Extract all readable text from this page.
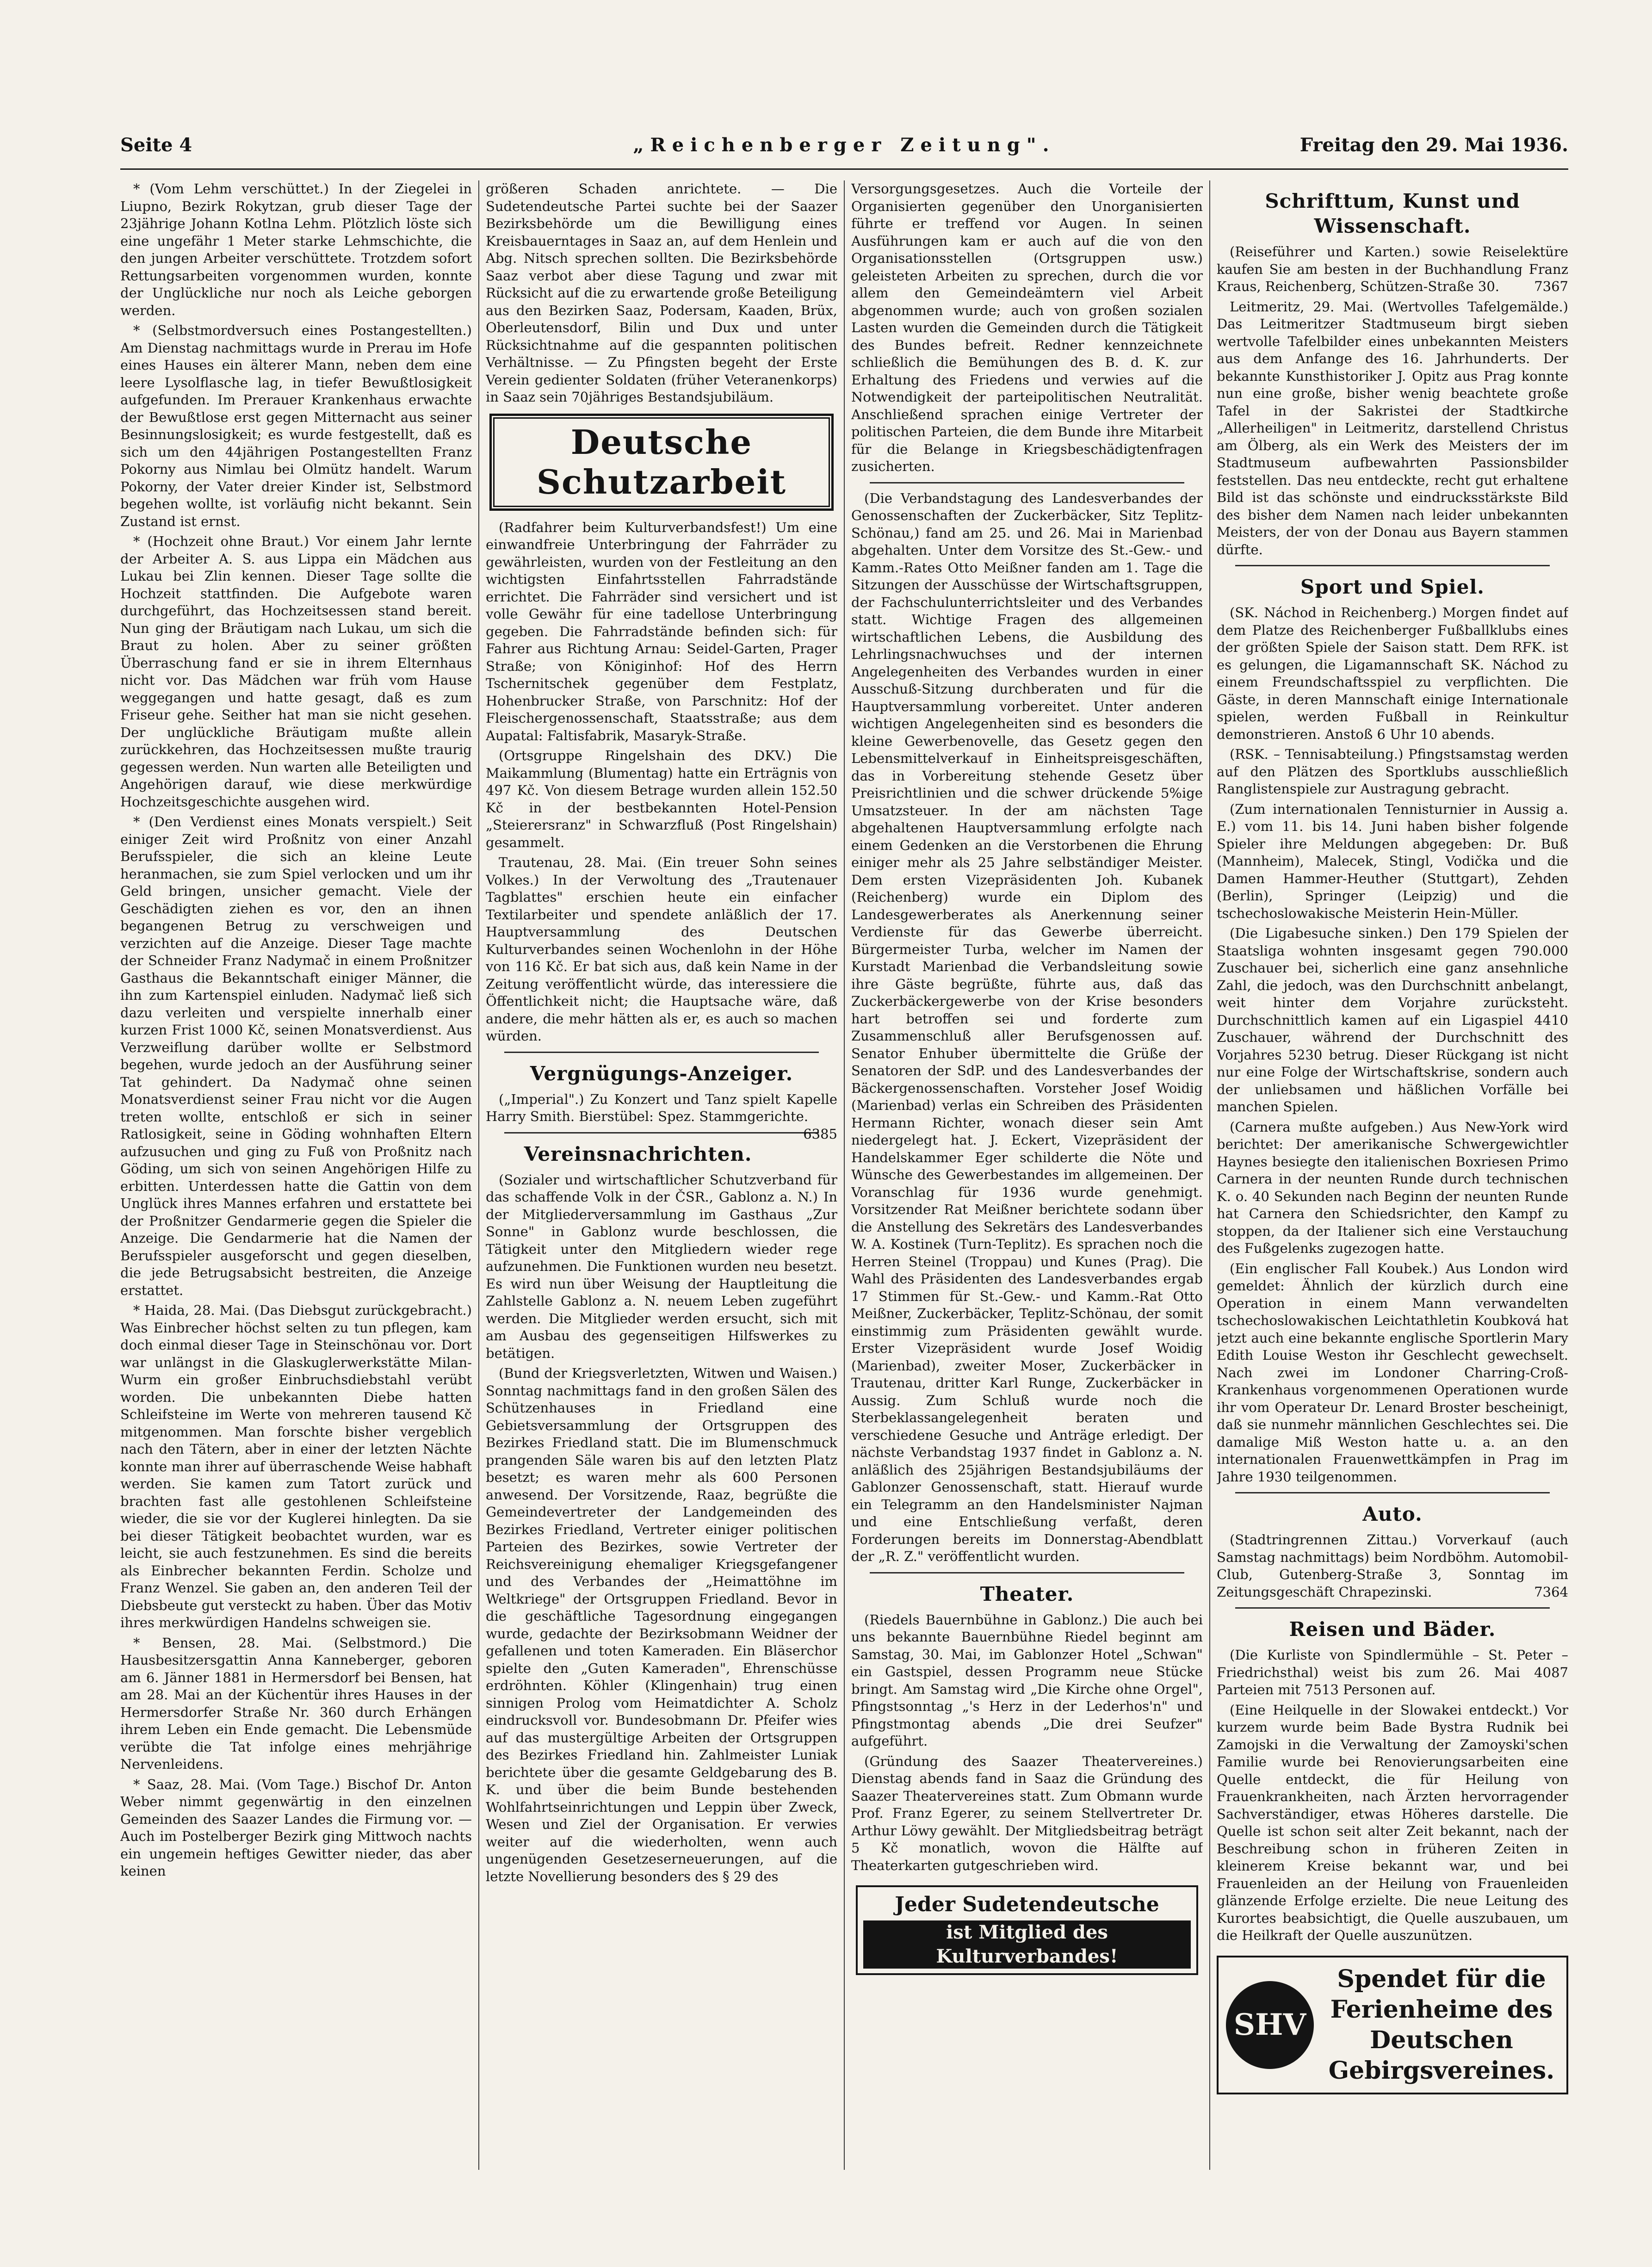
Seite 4	„Reichenberger Zeitung".	Freitag den 29. Mai 1936.

* (Vom Lehm verschüttet.) In der Ziegelei in Liupno, Bezirk Rokytzan, grub dieser Tage der 23jährige Johann Kotlna Lehm. Plötzlich löste sich eine ungefähr 1 Meter starke Lehmschichte, die den jungen Arbeiter verschüttete. Trotzdem sofort Rettungsarbeiten vorgenommen wurden, konnte der Unglückliche nur noch als Leiche geborgen werden.

* (Selbstmordversuch eines Postangestellten.) Am Dienstag nachmittags wurde in Prerau im Hofe eines Hauses ein älterer Mann, neben dem eine leere Lysolflasche lag, in tiefer Bewußtlosigkeit aufgefunden. Im Prerauer Krankenhaus erwachte der Bewußtlose erst gegen Mitternacht aus seiner Besinnungslosigkeit; es wurde festgestellt, daß es sich um den 44jährigen Postangestellten Franz Pokorny aus Nimlau bei Olmütz handelt. Warum Pokorny, der Vater dreier Kinder ist, Selbstmord begehen wollte, ist vorläufig nicht bekannt. Sein Zustand ist ernst.

* (Hochzeit ohne Braut.) Vor einem Jahr lernte der Arbeiter A. S. aus Lippa ein Mädchen aus Lukau bei Zlin kennen. Dieser Tage sollte die Hochzeit stattfinden. Die Aufgebote waren durchgeführt, das Hochzeitsessen stand bereit. Nun ging der Bräutigam nach Lukau, um sich die Braut zu holen. Aber zu seiner größten Überraschung fand er sie in ihrem Elternhaus nicht vor. Das Mädchen war früh vom Hause weggegangen und hatte gesagt, daß es zum Friseur gehe. Seither hat man sie nicht gesehen. Der unglückliche Bräutigam mußte allein zurückkehren, das Hochzeitsessen mußte traurig gegessen werden. Nun warten alle Beteiligten und Angehörigen darauf, wie diese merkwürdige Hochzeitsgeschichte ausgehen wird.

* (Den Verdienst eines Monats verspielt.) Seit einiger Zeit wird Proßnitz von einer Anzahl Berufsspieler, die sich an kleine Leute heranmachen, sie zum Spiel verlocken und um ihr Geld bringen, unsicher gemacht. Viele der Geschädigten ziehen es vor, den an ihnen begangenen Betrug zu verschweigen und verzichten auf die Anzeige. Dieser Tage machte der Schneider Franz Nadymač in einem Proßnitzer Gasthaus die Bekanntschaft einiger Männer, die ihn zum Kartenspiel einluden. Nadymač ließ sich dazu verleiten und verspielte innerhalb einer kurzen Frist 1000 Kč, seinen Monatsverdienst. Aus Verzweiflung darüber wollte er Selbstmord begehen, wurde jedoch an der Ausführung seiner Tat gehindert. Da Nadymač ohne seinen Monatsverdienst seiner Frau nicht vor die Augen treten wollte, entschloß er sich in seiner Ratlosigkeit, seine in Göding wohnhaften Eltern aufzusuchen und ging zu Fuß von Proßnitz nach Göding, um sich von seinen Angehörigen Hilfe zu erbitten. Unterdessen hatte die Gattin von dem Unglück ihres Mannes erfahren und erstattete bei der Proßnitzer Gendarmerie gegen die Spieler die Anzeige. Die Gendarmerie hat die Namen der Berufsspieler ausgeforscht und gegen dieselben, die jede Betrugsabsicht bestreiten, die Anzeige erstattet.

* Haida, 28. Mai. (Das Diebsgut zurückgebracht.) Was Einbrecher höchst selten zu tun pflegen, kam doch einmal dieser Tage in Steinschönau vor. Dort war unlängst in die Glaskuglerwerkstätte Milan-Wurm ein großer Einbruchsdiebstahl verübt worden. Die unbekannten Diebe hatten Schleifsteine im Werte von mehreren tausend Kč mitgenommen. Man forschte bisher vergeblich nach den Tätern, aber in einer der letzten Nächte konnte man ihrer auf überraschende Weise habhaft werden. Sie kamen zum Tatort zurück und brachten fast alle gestohlenen Schleifsteine wieder, die sie vor der Kuglerei hinlegten. Da sie bei dieser Tätigkeit beobachtet wurden, war es leicht, sie auch festzunehmen. Es sind die bereits als Einbrecher bekannten Ferdin. Scholze und Franz Wenzel. Sie gaben an, den anderen Teil der Diebsbeute gut versteckt zu haben. Über das Motiv ihres merkwürdigen Handelns schweigen sie.

* Bensen, 28. Mai. (Selbstmord.) Die Hausbesitzersgattin Anna Kanneberger, geboren am 6. Jänner 1881 in Hermersdorf bei Bensen, hat am 28. Mai an der Küchentür ihres Hauses in der Hermersdorfer Straße Nr. 360 durch Erhängen ihrem Leben ein Ende gemacht. Die Lebensmüde verübte die Tat infolge eines mehrjährige Nervenleidens.

* Saaz, 28. Mai. (Vom Tage.) Bischof Dr. Anton Weber nimmt gegenwärtig in den einzelnen Gemeinden des Saazer Landes die Firmung vor. — Auch im Postelberger Bezirk ging Mittwoch nachts ein ungemein heftiges Gewitter nieder, das aber keinen

größeren Schaden anrichtete. — Die Sudetendeutsche Partei suchte bei der Saazer Bezirksbehörde um die Bewilligung eines Kreisbauerntages in Saaz an, auf dem Henlein und Abg. Nitsch sprechen sollten. Die Bezirksbehörde Saaz verbot aber diese Tagung und zwar mit Rücksicht auf die zu erwartende große Beteiligung aus den Bezirken Saaz, Podersam, Kaaden, Brüx, Oberleutensdorf, Bilin und Dux und unter Rücksichtnahme auf die gespannten politischen Verhältnisse. — Zu Pfingsten begeht der Erste Verein gedienter Soldaten (früher Veteranenkorps) in Saaz sein 70jähriges Bestandsjubiläum.

Deutsche Schutzarbeit

(Radfahrer beim Kulturverbandsfest!) Um eine einwandfreie Unterbringung der Fahrräder zu gewährleisten, wurden von der Festleitung an den wichtigsten Einfahrtsstellen Fahrradstände errichtet. Die Fahrräder sind versichert und ist volle Gewähr für eine tadellose Unterbringung gegeben. Die Fahrradstände befinden sich: für Fahrer aus Richtung Arnau: Seidel-Garten, Prager Straße; von Königinhof: Hof des Herrn Tschernitschek gegenüber dem Festplatz, Hohenbrucker Straße, von Parschnitz: Hof der Fleischergenossenschaft, Staatsstraße; aus dem Aupatal: Faltisfabrik, Masaryk-Straße.

(Ortsgruppe Ringelshain des DKV.) Die Maikammlung (Blumentag) hatte ein Erträgnis von 497 Kč. Von diesem Betrage wurden allein 152.50 Kč in der bestbekannten Hotel-Pension „Steierersranz" in Schwarzfluß (Post Ringelshain) gesammelt.

Trautenau, 28. Mai. (Ein treuer Sohn seines Volkes.) In der Verwoltung des „Trautenauer Tagblattes" erschien heute ein einfacher Textilarbeiter und spendete anläßlich der 17. Hauptversammlung des Deutschen Kulturverbandes seinen Wochenlohn in der Höhe von 116 Kč. Er bat sich aus, daß kein Name in der Zeitung veröffentlicht würde, das interessiere die Öffentlichkeit nicht; die Hauptsache wäre, daß andere, die mehr hätten als er, es auch so machen würden.

Vergnügungs-Anzeiger.

(„Imperial".) Zu Konzert und Tanz spielt Kapelle Harry Smith. Bierstübel: Spez. Stammgerichte.
6385

Vereinsnachrichten.

(Sozialer und wirtschaftlicher Schutzverband für das schaffende Volk in der ČSR., Gablonz a. N.) In der Mitgliederversammlung im Gasthaus „Zur Sonne" in Gablonz wurde beschlossen, die Tätigkeit unter den Mitgliedern wieder rege aufzunehmen. Die Funktionen wurden neu besetzt. Es wird nun über Weisung der Hauptleitung die Zahlstelle Gablonz a. N. neuem Leben zugeführt werden. Die Mitglieder werden ersucht, sich mit am Ausbau des gegenseitigen Hilfswerkes zu betätigen.

(Bund der Kriegsverletzten, Witwen und Waisen.) Sonntag nachmittags fand in den großen Sälen des Schützenhauses in Friedland eine Gebietsversammlung der Ortsgruppen des Bezirkes Friedland statt. Die im Blumenschmuck prangenden Säle waren bis auf den letzten Platz besetzt; es waren mehr als 600 Personen anwesend. Der Vorsitzende, Raaz, begrüßte die Gemeindevertreter der Landgemeinden des Bezirkes Friedland, Vertreter einiger politischen Parteien des Bezirkes, sowie Vertreter der Reichsvereinigung ehemaliger Kriegsgefangener und des Verbandes der „Heimattöhne im Weltkriege" der Ortsgruppen Friedland. Bevor in die geschäftliche Tagesordnung eingegangen wurde, gedachte der Bezirksobmann Weidner der gefallenen und toten Kameraden. Ein Bläserchor spielte den „Guten Kameraden", Ehrenschüsse erdröhnten. Köhler (Klingenhain) trug einen sinnigen Prolog vom Heimatdichter A. Scholz eindrucksvoll vor. Bundesobmann Dr. Pfeifer wies auf das mustergültige Arbeiten der Ortsgruppen des Bezirkes Friedland hin. Zahlmeister Luniak berichtete über die gesamte Geldgebarung des B. K. und über die beim Bunde bestehenden Wohlfahrtseinrichtungen und Leppin über Zweck, Wesen und Ziel der Organisation. Er verwies weiter auf die wiederholten, wenn auch ungenügenden Gesetzeserneuerungen, auf die letzte Novellierung besonders des § 29 des

Versorgungsgesetzes. Auch die Vorteile der Organisierten gegenüber den Unorganisierten führte er treffend vor Augen. In seinen Ausführungen kam er auch auf die von den Organisationsstellen (Ortsgruppen usw.) geleisteten Arbeiten zu sprechen, durch die vor allem den Gemeindeämtern viel Arbeit abgenommen wurde; auch von großen sozialen Lasten wurden die Gemeinden durch die Tätigkeit des Bundes befreit. Redner kennzeichnete schließlich die Bemühungen des B. d. K. zur Erhaltung des Friedens und verwies auf die Notwendigkeit der parteipolitischen Neutralität. Anschließend sprachen einige Vertreter der politischen Parteien, die dem Bunde ihre Mitarbeit für die Belange in Kriegsbeschädigtenfragen zusicherten.

(Die Verbandstagung des Landesverbandes der Genossenschaften der Zuckerbäcker, Sitz Teplitz-Schönau,) fand am 25. und 26. Mai in Marienbad abgehalten. Unter dem Vorsitze des St.-Gew.- und Kamm.-Rates Otto Meißner fanden am 1. Tage die Sitzungen der Ausschüsse der Wirtschaftsgruppen, der Fachschulunterrichtsleiter und des Verbandes statt. Wichtige Fragen des allgemeinen wirtschaftlichen Lebens, die Ausbildung des Lehrlingsnachwuchses und der internen Angelegenheiten des Verbandes wurden in einer Ausschuß-Sitzung durchberaten und für die Hauptversammlung vorbereitet. Unter anderen wichtigen Angelegenheiten sind es besonders die kleine Gewerbenovelle, das Gesetz gegen den Lebensmittelverkauf in Einheitspreisgeschäften, das in Vorbereitung stehende Gesetz über Preisrichtlinien und die schwer drückende 5%ige Umsatzsteuer. In der am nächsten Tage abgehaltenen Hauptversammlung erfolgte nach einem Gedenken an die Verstorbenen die Ehrung einiger mehr als 25 Jahre selbständiger Meister. Dem ersten Vizepräsidenten Joh. Kubanek (Reichenberg) wurde ein Diplom des Landesgewerberates als Anerkennung seiner Verdienste für das Gewerbe überreicht. Bürgermeister Turba, welcher im Namen der Kurstadt Marienbad die Verbandsleitung sowie ihre Gäste begrüßte, führte aus, daß das Zuckerbäckergewerbe von der Krise besonders hart betroffen sei und forderte zum Zusammenschluß aller Berufsgenossen auf. Senator Enhuber übermittelte die Grüße der Senatoren der SdP. und des Landesverbandes der Bäckergenossenschaften. Vorsteher Josef Woidig (Marienbad) verlas ein Schreiben des Präsidenten Hermann Richter, wonach dieser sein Amt niedergelegt hat. J. Eckert, Vizepräsident der Handelskammer Eger schilderte die Nöte und Wünsche des Gewerbestandes im allgemeinen. Der Voranschlag für 1936 wurde genehmigt. Vorsitzender Rat Meißner berichtete sodann über die Anstellung des Sekretärs des Landesverbandes W. A. Kostinek (Turn-Teplitz). Es sprachen noch die Herren Steinel (Troppau) und Kunes (Prag). Die Wahl des Präsidenten des Landesverbandes ergab 17 Stimmen für St.-Gew.- und Kamm.-Rat Otto Meißner, Zuckerbäcker, Teplitz-Schönau, der somit einstimmig zum Präsidenten gewählt wurde. Erster Vizepräsident wurde Josef Woidig (Marienbad), zweiter Moser, Zuckerbäcker in Trautenau, dritter Karl Runge, Zuckerbäcker in Aussig. Zum Schluß wurde noch die Sterbeklassangelegenheit beraten und verschiedene Gesuche und Anträge erledigt. Der nächste Verbandstag 1937 findet in Gablonz a. N. anläßlich des 25jährigen Bestandsjubiläums der Gablonzer Genossenschaft, statt. Hierauf wurde ein Telegramm an den Handelsminister Najman und eine Entschließung verfaßt, deren Forderungen bereits im Donnerstag-Abendblatt der „R. Z." veröffentlicht wurden.

Theater.

(Riedels Bauernbühne in Gablonz.) Die auch bei uns bekannte Bauernbühne Riedel beginnt am Samstag, 30. Mai, im Gablonzer Hotel „Schwan" ein Gastspiel, dessen Programm neue Stücke bringt. Am Samstag wird „Die Kirche ohne Orgel", Pfingstsonntag „'s Herz in der Lederhos'n" und Pfingstmontag abends „Die drei Seufzer" aufgeführt.

(Gründung des Saazer Theatervereines.) Dienstag abends fand in Saaz die Gründung des Saazer Theatervereines statt. Zum Obmann wurde Prof. Franz Egerer, zu seinem Stellvertreter Dr. Arthur Löwy gewählt. Der Mitgliedsbeitrag beträgt 5 Kč monatlich, wovon die Hälfte auf Theaterkarten gutgeschrieben wird.

Jeder Sudetendeutsche
ist Mitglied des Kulturverbandes!
Schrifttum, Kunst und Wissenschaft.

(Reiseführer und Karten.) sowie Reiselektüre kaufen Sie am besten in der Buchhandlung Franz Kraus, Reichenberg, Schützen-Straße 30.	7367

Leitmeritz, 29. Mai. (Wertvolles Tafelgemälde.) Das Leitmeritzer Stadtmuseum birgt sieben wertvolle Tafelbilder eines unbekannten Meisters aus dem Anfange des 16. Jahrhunderts. Der bekannte Kunsthistoriker J. Opitz aus Prag konnte nun eine große, bisher wenig beachtete große Tafel in der Sakristei der Stadtkirche „Allerheiligen" in Leitmeritz, darstellend Christus am Ölberg, als ein Werk des Meisters der im Stadtmuseum aufbewahrten Passionsbilder feststellen. Das neu entdeckte, recht gut erhaltene Bild ist das schönste und eindrucksstärkste Bild des bisher dem Namen nach leider unbekannten Meisters, der von der Donau aus Bayern stammen dürfte.

Sport und Spiel.

(SK. Náchod in Reichenberg.) Morgen findet auf dem Platze des Reichenberger Fußballklubs eines der größten Spiele der Saison statt. Dem RFK. ist es gelungen, die Ligamannschaft SK. Náchod zu einem Freundschaftsspiel zu verpflichten. Die Gäste, in deren Mannschaft einige Internationale spielen, werden Fußball in Reinkultur demonstrieren. Anstoß 6 Uhr 10 abends.

(RSK. – Tennisabteilung.) Pfingstsamstag werden auf den Plätzen des Sportklubs ausschließlich Ranglistenspiele zur Austragung gebracht.

(Zum internationalen Tennisturnier in Aussig a. E.) vom 11. bis 14. Juni haben bisher folgende Spieler ihre Meldungen abgegeben: Dr. Buß (Mannheim), Malecek, Stingl, Vodička und die Damen Hammer-Heuther (Stuttgart), Zehden (Berlin), Springer (Leipzig) und die tschechoslowakische Meisterin Hein-Müller.

(Die Ligabesuche sinken.) Den 179 Spielen der Staatsliga wohnten insgesamt gegen 790.000 Zuschauer bei, sicherlich eine ganz ansehnliche Zahl, die jedoch, was den Durchschnitt anbelangt, weit hinter dem Vorjahre zurücksteht. Durchschnittlich kamen auf ein Ligaspiel 4410 Zuschauer, während der Durchschnitt des Vorjahres 5230 betrug. Dieser Rückgang ist nicht nur eine Folge der Wirtschaftskrise, sondern auch der unliebsamen und häßlichen Vorfälle bei manchen Spielen.

(Carnera mußte aufgeben.) Aus New-York wird berichtet: Der amerikanische Schwergewichtler Haynes besiegte den italienischen Boxriesen Primo Carnera in der neunten Runde durch technischen K. o. 40 Sekunden nach Beginn der neunten Runde hat Carnera den Schiedsrichter, den Kampf zu stoppen, da der Italiener sich eine Verstauchung des Fußgelenks zugezogen hatte.

(Ein englischer Fall Koubek.) Aus London wird gemeldet: Ähnlich der kürzlich durch eine Operation in einem Mann verwandelten tschechoslowakischen Leichtathletin Koubková hat jetzt auch eine bekannte englische Sportlerin Mary Edith Louise Weston ihr Geschlecht gewechselt. Nach zwei im Londoner Charring-Croß-Krankenhaus vorgenommenen Operationen wurde ihr vom Operateur Dr. Lenard Broster bescheinigt, daß sie nunmehr männlichen Geschlechtes sei. Die damalige Miß Weston hatte u. a. an den internationalen Frauenwettkämpfen in Prag im Jahre 1930 teilgenommen.

Auto.

(Stadtringrennen Zittau.) Vorverkauf (auch Samstag nachmittags) beim Nordböhm. Automobil-Club, Gutenberg-Straße 3, Sonntag im Zeitungsgeschäft Chrapezinski.	7364

Reisen und Bäder.

(Die Kurliste von Spindlermühle – St. Peter – Friedrichsthal) weist bis zum 26. Mai 4087 Parteien mit 7513 Personen auf.

(Eine Heilquelle in der Slowakei entdeckt.) Vor kurzem wurde beim Bade Bystra Rudnik bei Zamojski in die Verwaltung der Zamoyski'schen Familie wurde bei Renovierungsarbeiten eine Quelle entdeckt, die für Heilung von Frauenkrankheiten, nach Ärzten hervorragender Sachverständiger, etwas Höheres darstelle. Die Quelle ist schon seit alter Zeit bekannt, nach der Beschreibung schon in früheren Zeiten in kleinerem Kreise bekannt war, und bei Frauenleiden an der Heilung von Frauenleiden glänzende Erfolge erzielte. Die neue Leitung des Kurortes beabsichtigt, die Quelle auszubauen, um die Heilkraft der Quelle auszunützen.

SHV
Spendet für die Ferienheime des Deutschen Gebirgsvereines.
